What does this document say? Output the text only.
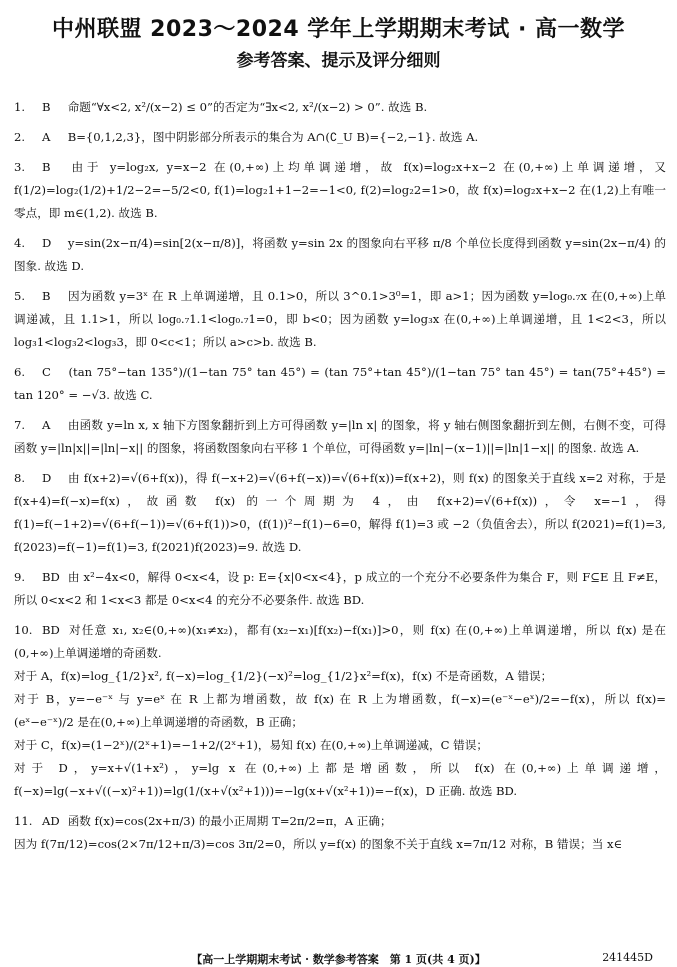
中州联盟 2023～2024 学年上学期期末考试 · 高一数学
参考答案、提示及评分细则
1. B 命题“∀x<2, x²/(x−2) ≤ 0”的否定为“∃x<2, x²/(x−2) > 0”. 故选 B.
2. A B={0,1,2,3}，图中阴影部分所表示的集合为 A∩(∁_U B)={−2,−1}. 故选 A.
3. B 由于 y=log₂x, y=x−2 在(0,+∞)上均单调递增，故 f(x)=log₂x+x−2 在(0,+∞)上单调递增，又 f(1/2)=log₂(1/2)+1/2−2=−5/2<0, f(1)=log₂1+1−2=−1<0, f(2)=log₂2=1>0，故 f(x)=log₂x+x−2 在(1,2)上有唯一零点，即 m∈(1,2). 故选 B.
4. D y=sin(2x−π/4)=sin[2(x−π/8)]，将函数 y=sin 2x 的图象向右平移 π/8 个单位长度得到函数 y=sin(2x−π/4) 的图象. 故选 D.
5. B 因为函数 y=3ˣ 在 R 上单调递增，且 0.1>0，所以 3^0.1>3⁰=1，即 a>1；因为函数 y=log₀.₇x 在(0,+∞)上单调递减，且 1.1>1，所以 log₀.₇1.1<log₀.₇1=0，即 b<0；因为函数 y=log₃x 在(0,+∞)上单调递增，且 1<2<3，所以 log₃1<log₃2<log₃3，即 0<c<1；所以 a>c>b. 故选 B.
6. C (tan 75°−tan 135°)/(1−tan 75° tan 45°) = (tan 75°+tan 45°)/(1−tan 75° tan 45°) = tan(75°+45°) = tan 120° = −√3. 故选 C.
7. A 由函数 y=ln x, x 轴下方图象翻折到上方可得函数 y=|ln x| 的图象，将 y 轴右侧图象翻折到左侧，右侧不变，可得函数 y=|ln|x||=|ln|−x|| 的图象，将函数图象向右平移 1 个单位，可得函数 y=|ln|−(x−1)||=|ln|1−x|| 的图象. 故选 A.
8. D 由 f(x+2)=√(6+f(x))，得 f(−x+2)=√(6+f(−x))=√(6+f(x))=f(x+2)，则 f(x) 的图象关于直线 x=2 对称，于是 f(x+4)=f(−x)=f(x)，故函数 f(x) 的一个周期为 4，由 f(x+2)=√(6+f(x))，令 x=−1，得 f(1)=f(−1+2)=√(6+f(−1))=√(6+f(1))>0，(f(1))²−f(1)−6=0，解得 f(1)=3 或 −2（负值舍去），所以 f(2021)=f(1)=3, f(2023)=f(−1)=f(1)=3, f(2021)f(2023)=9. 故选 D.
9. BD 由 x²−4x<0，解得 0<x<4，设 p: E={x|0<x<4}，p 成立的一个充分不必要条件为集合 F，则 F⊆E 且 F≠E，所以 0<x<2 和 1<x<3 都是 0<x<4 的充分不必要条件. 故选 BD.
10. BD 对任意 x₁, x₂∈(0,+∞)(x₁≠x₂)，都有(x₂−x₁)[f(x₂)−f(x₁)]>0，则 f(x) 在(0,+∞)上单调递增，所以 f(x) 是在(0,+∞)上单调递增的奇函数.
对于 A，f(x)=log_{1/2}x², f(−x)=log_{1/2}(−x)²=log_{1/2}x²=f(x)，f(x) 不是奇函数，A 错误；
对于 B，y=−e⁻ˣ 与 y=eˣ 在 R 上都为增函数，故 f(x) 在 R 上为增函数，f(−x)=(e⁻ˣ−eˣ)/2=−f(x)，所以 f(x)=(eˣ−e⁻ˣ)/2 是在(0,+∞)上单调递增的奇函数，B 正确；
对于 C，f(x)=(1−2ˣ)/(2ˣ+1)=−1+2/(2ˣ+1)，易知 f(x) 在(0,+∞)上单调递减，C 错误；
对于 D，y=x+√(1+x²)，y=lg x 在(0,+∞)上都是增函数，所以 f(x) 在(0,+∞)上单调递增，f(−x)=lg(−x+√((−x)²+1))=lg(1/(x+√(x²+1)))=−lg(x+√(x²+1))=−f(x)，D 正确. 故选 BD.
11. AD 函数 f(x)=cos(2x+π/3) 的最小正周期 T=2π/2=π，A 正确；
因为 f(7π/12)=cos(2×7π/12+π/3)=cos 3π/2=0，所以 y=f(x) 的图象不关于直线 x=7π/12 对称，B 错误；当 x∈
【高一上学期期末考试 · 数学参考答案　第 1 页(共 4 页)】	241445D
